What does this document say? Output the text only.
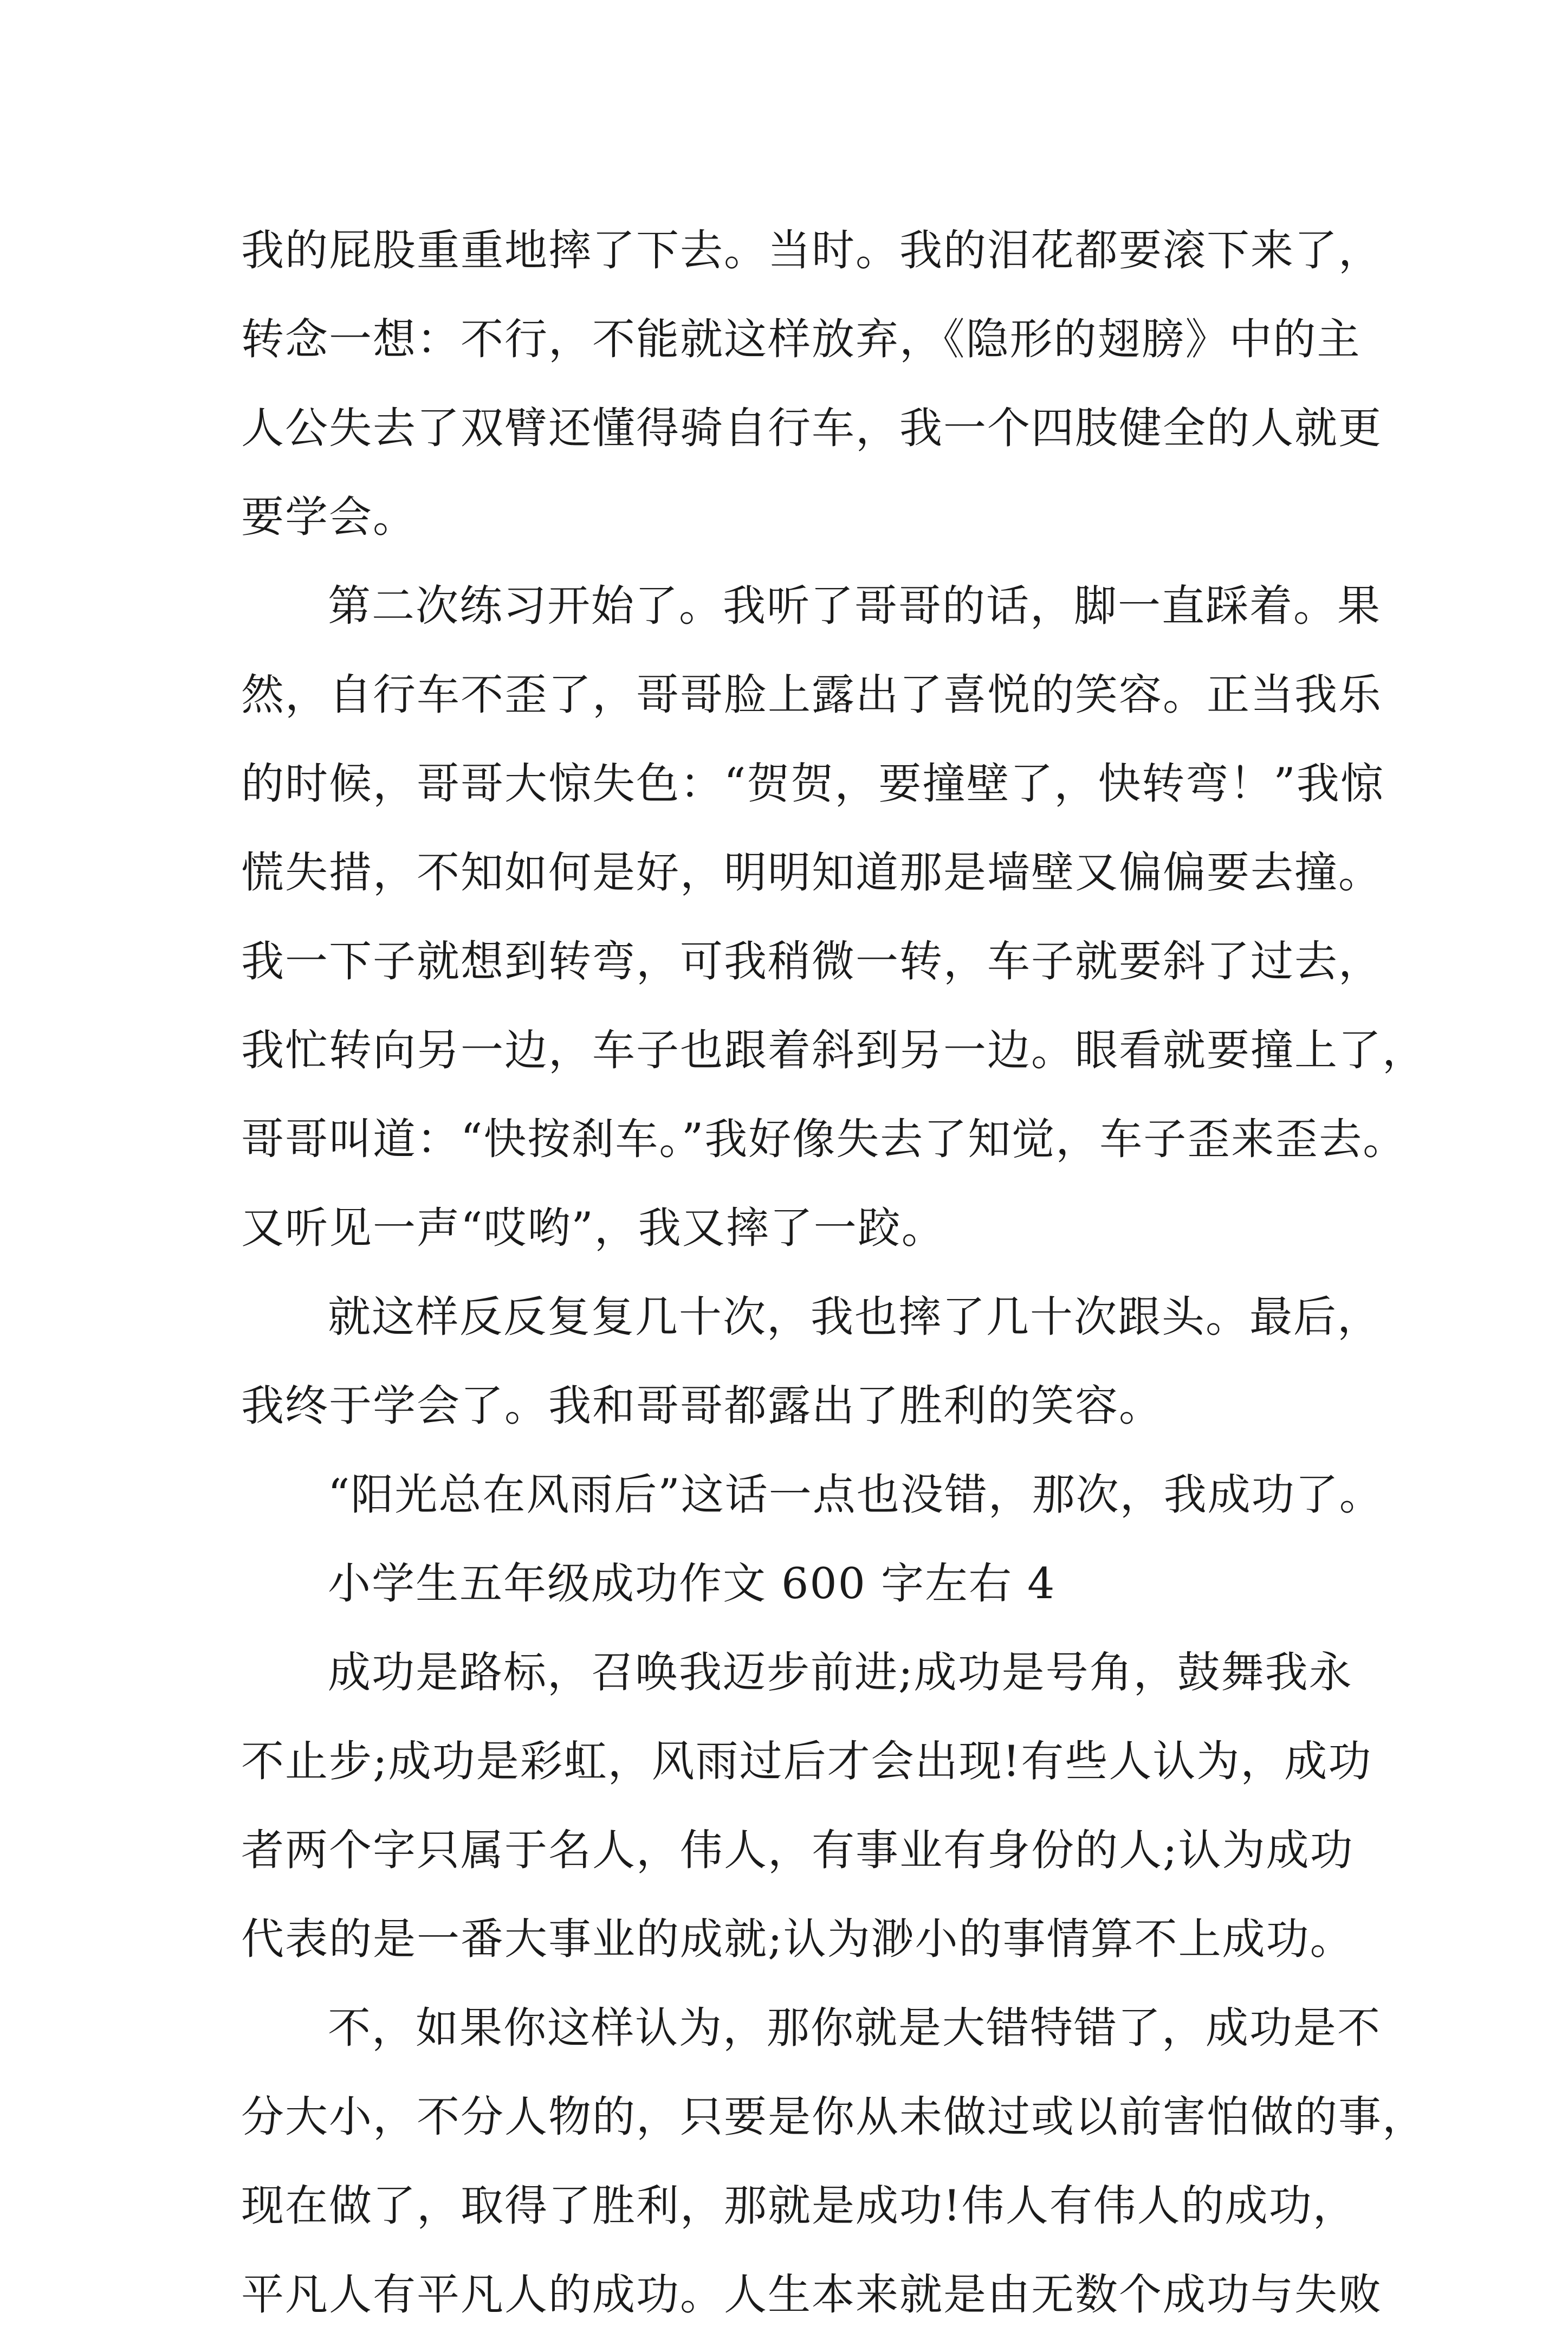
我的屁股重重地摔了下去。当时。我的泪花都要滚下来了，
转念一想：不行，不能就这样放弃，《隐形的翅膀》中的主
人公失去了双臂还懂得骑自行车，我一个四肢健全的人就更
要学会。
第二次练习开始了。我听了哥哥的话，脚一直踩着。果
然，自行车不歪了，哥哥脸上露出了喜悦的笑容。正当我乐
的时候，哥哥大惊失色：“贺贺，要撞壁了，快转弯！”我惊
慌失措，不知如何是好，明明知道那是墙壁又偏偏要去撞。
我一下子就想到转弯，可我稍微一转，车子就要斜了过去，
我忙转向另一边，车子也跟着斜到另一边。眼看就要撞上了，
哥哥叫道：“快按刹车。”我好像失去了知觉，车子歪来歪去。
又听见一声“哎哟”，我又摔了一跤。
就这样反反复复几十次，我也摔了几十次跟头。最后，
我终于学会了。我和哥哥都露出了胜利的笑容。
“阳光总在风雨后”这话一点也没错，那次，我成功了。
小学生五年级成功作文 600 字左右 4
成功是路标，召唤我迈步前进;成功是号角，鼓舞我永
不止步;成功是彩虹，风雨过后才会出现!有些人认为，成功
者两个字只属于名人，伟人，有事业有身份的人;认为成功
代表的是一番大事业的成就;认为渺小的事情算不上成功。
不，如果你这样认为，那你就是大错特错了，成功是不
分大小，不分人物的，只要是你从未做过或以前害怕做的事，
现在做了，取得了胜利，那就是成功!伟人有伟人的成功，
平凡人有平凡人的成功。人生本来就是由无数个成功与失败
